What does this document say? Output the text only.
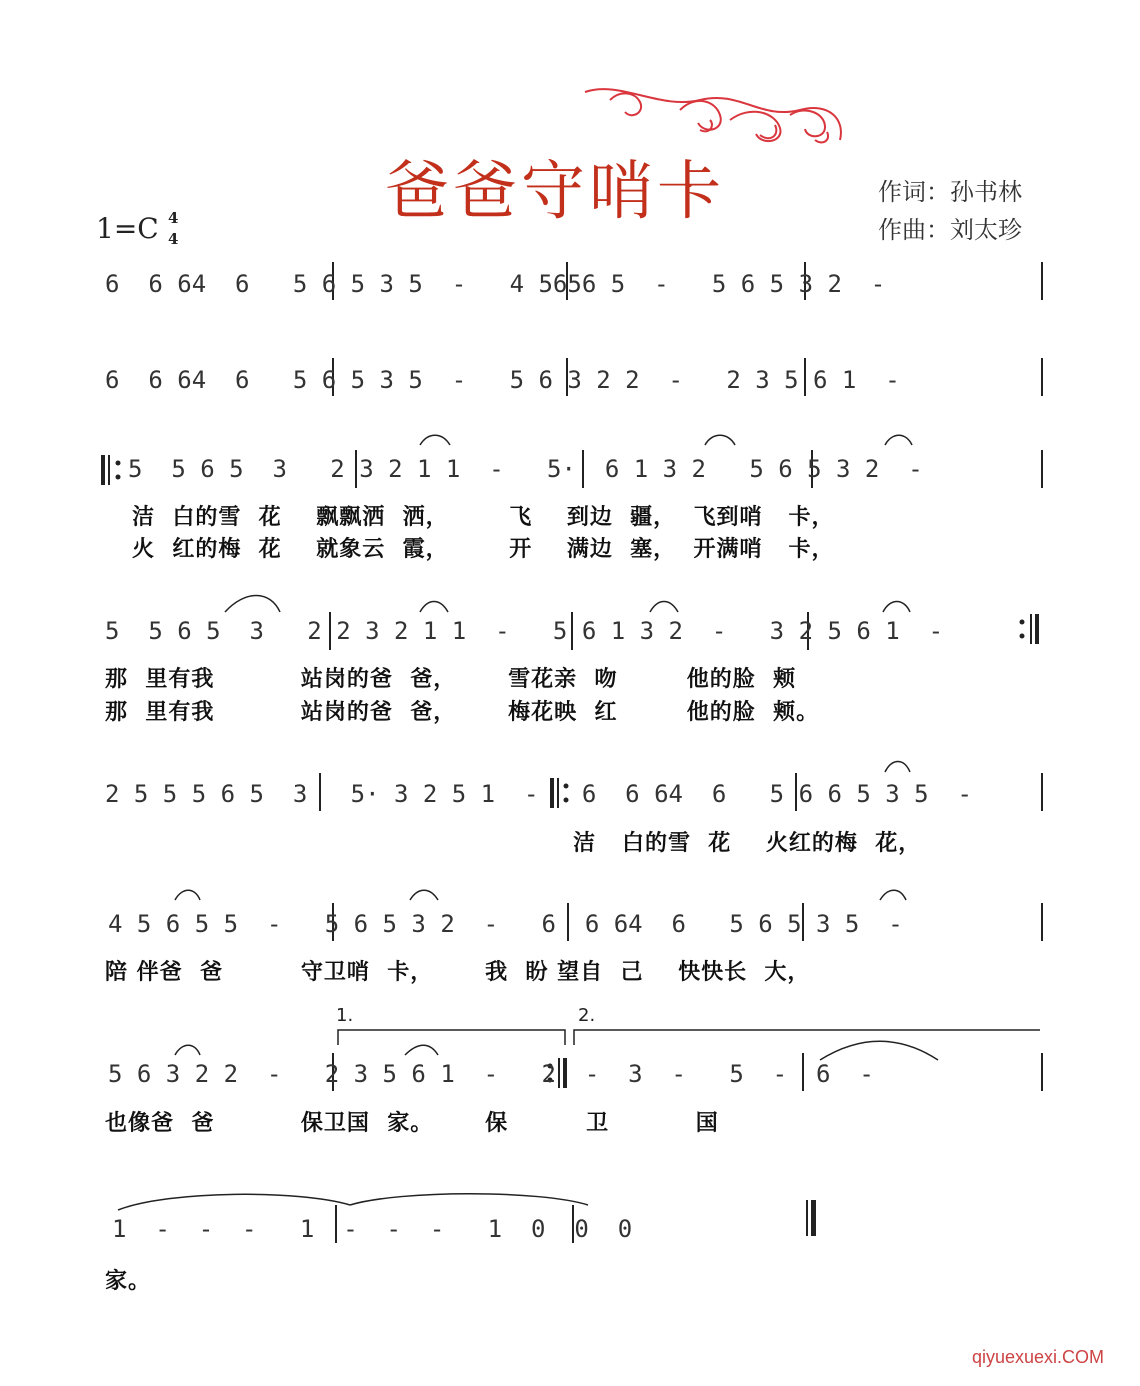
爸爸守哨卡	作词：孙书林
作曲：刘太珍
1=C 4
4
1.	2.
6  6 64  6   5 6 5 3 5  -   4 5656 5  -   5 6 5 3 2  -
6  6 64  6   5 6 5 3 5  -   5 6 3 2 2  -   2 3 5 6 1  -
5  5 6 5  3   2 3 2 1 1  -   5·  6 1 3 2   5 6 5 3 2  -
洁  白的雪  花    飘飘洒  洒，       飞    到边  疆，  飞到哨   卡，
火  红的梅  花    就象云  霞，       开    满边  塞，  开满哨   卡，
5  5 6 5  3   2 2 3 2 1 1  -   5 6 1 3 2  -   3 2 5 6 1  -
那  里有我          站岗的爸  爸，      雪花亲  吻        他的脸  颊
那  里有我          站岗的爸  爸，      梅花映  红        他的脸  颊。
2 5 5 5 6 5  3   5· 3 2 5 1  -   6  6 64  6   5 6 6 5 3 5  -
洁   白的雪  花    火红的梅  花，
4 5 6 5 5  -   5 6 5 3 2  -   6  6 64  6   5 6 5 3 5  -
陪 伴爸  爸         守卫哨  卡，      我  盼 望自  己    快快长  大，
5 6 3 2 2  -   2 3 5 6 1  -   2  -  3  -   5  -  6  -
也像爸  爸          保卫国  家。      保         卫          国
1  -  -  -   1  -  -  -   1  0  0  0
家。
qiyuexuexi.COM
